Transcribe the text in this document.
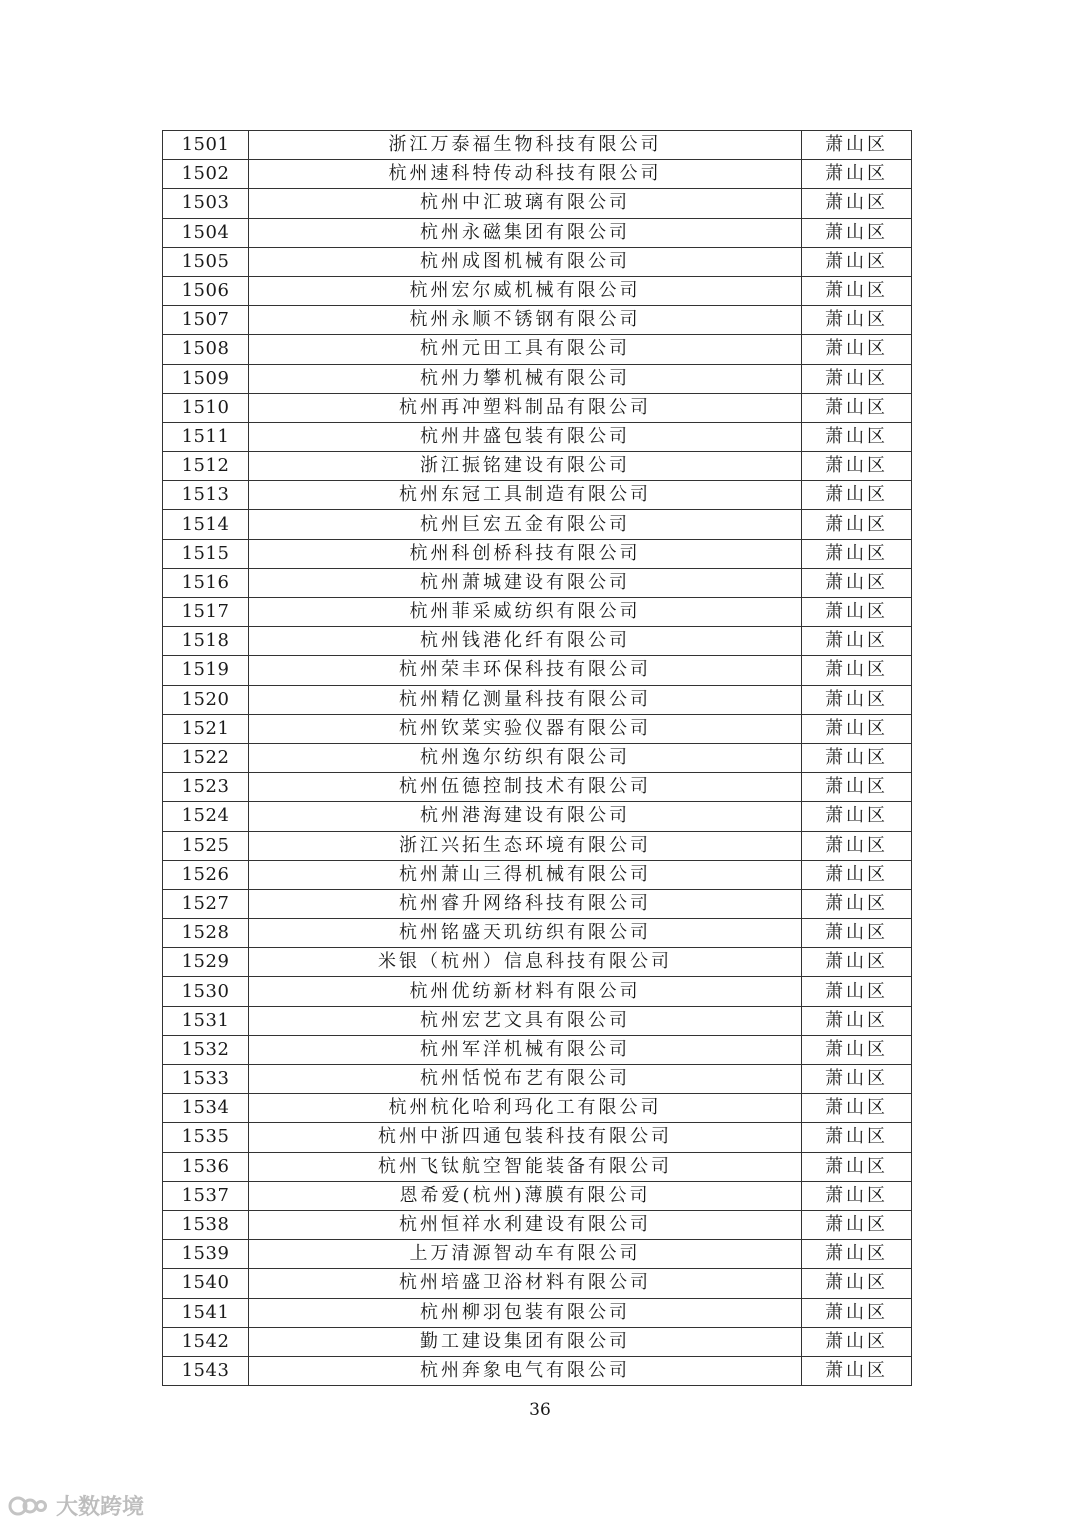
1501	浙江万泰福生物科技有限公司	萧山区
1502	杭州速科特传动科技有限公司	萧山区
1503	杭州中汇玻璃有限公司	萧山区
1504	杭州永磁集团有限公司	萧山区
1505	杭州成图机械有限公司	萧山区
1506	杭州宏尔威机械有限公司	萧山区
1507	杭州永顺不锈钢有限公司	萧山区
1508	杭州元田工具有限公司	萧山区
1509	杭州力攀机械有限公司	萧山区
1510	杭州再冲塑料制品有限公司	萧山区
1511	杭州井盛包装有限公司	萧山区
1512	浙江振铭建设有限公司	萧山区
1513	杭州东冠工具制造有限公司	萧山区
1514	杭州巨宏五金有限公司	萧山区
1515	杭州科创桥科技有限公司	萧山区
1516	杭州萧城建设有限公司	萧山区
1517	杭州菲采威纺织有限公司	萧山区
1518	杭州钱港化纤有限公司	萧山区
1519	杭州荣丰环保科技有限公司	萧山区
1520	杭州精亿测量科技有限公司	萧山区
1521	杭州钦菜实验仪器有限公司	萧山区
1522	杭州逸尔纺织有限公司	萧山区
1523	杭州伍德控制技术有限公司	萧山区
1524	杭州港海建设有限公司	萧山区
1525	浙江兴拓生态环境有限公司	萧山区
1526	杭州萧山三得机械有限公司	萧山区
1527	杭州睿升网络科技有限公司	萧山区
1528	杭州铭盛天玑纺织有限公司	萧山区
1529	米银（杭州）信息科技有限公司	萧山区
1530	杭州优纺新材料有限公司	萧山区
1531	杭州宏艺文具有限公司	萧山区
1532	杭州军洋机械有限公司	萧山区
1533	杭州恬悦布艺有限公司	萧山区
1534	杭州杭化哈利玛化工有限公司	萧山区
1535	杭州中浙四通包装科技有限公司	萧山区
1536	杭州飞钛航空智能装备有限公司	萧山区
1537	恩希爱(杭州)薄膜有限公司	萧山区
1538	杭州恒祥水利建设有限公司	萧山区
1539	上万清源智动车有限公司	萧山区
1540	杭州培盛卫浴材料有限公司	萧山区
1541	杭州柳羽包装有限公司	萧山区
1542	勤工建设集团有限公司	萧山区
1543	杭州奔象电气有限公司	萧山区
36
大数跨境
